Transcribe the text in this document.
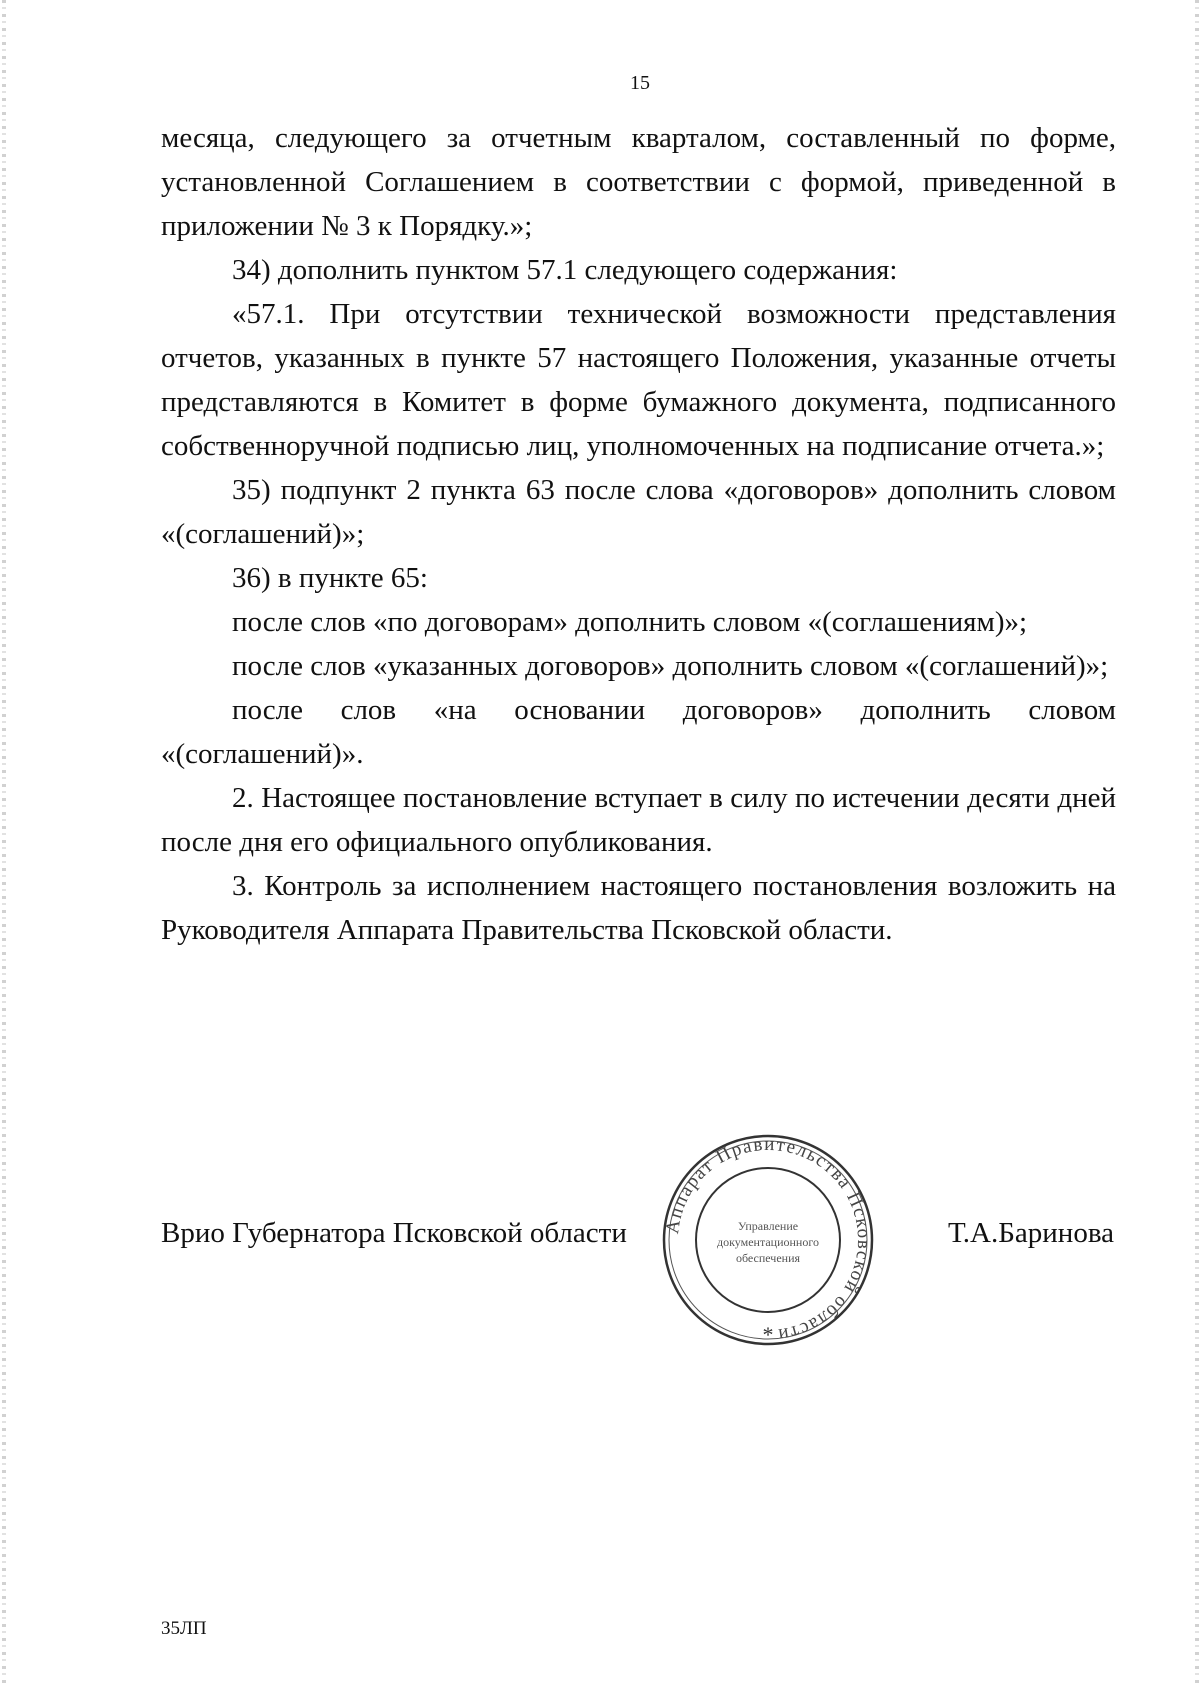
15

месяца, следующего за отчетным кварталом, составленный по форме, установленной Соглашением в соответствии с формой, приведенной в приложении № 3 к Порядку.»;

34) дополнить пунктом 57.1 следующего содержания:

«57.1. При отсутствии технической возможности представления отчетов, указанных в пункте 57 настоящего Положения, указанные отчеты представляются в Комитет в форме бумажного документа, подписанного собственноручной подписью лиц, уполномоченных на подписание отчета.»;

35) подпункт 2 пункта 63 после слова «договоров» дополнить словом «(соглашений)»;

36) в пункте 65:

после слов «по договорам» дополнить словом «(соглашениям)»;

после слов «указанных договоров» дополнить словом «(соглашений)»;

после слов «на основании договоров» дополнить словом «(соглашений)».

2. Настоящее постановление вступает в силу по истечении десяти дней после дня его официального опубликования.

3. Контроль за исполнением настоящего постановления возложить на Руководителя Аппарата Правительства Псковской области.

Врио Губернатора Псковской области Аппарат Правительства Псковской области
Управление
документационного
обеспечения
*
Т.А.Баринова
35ЛП
